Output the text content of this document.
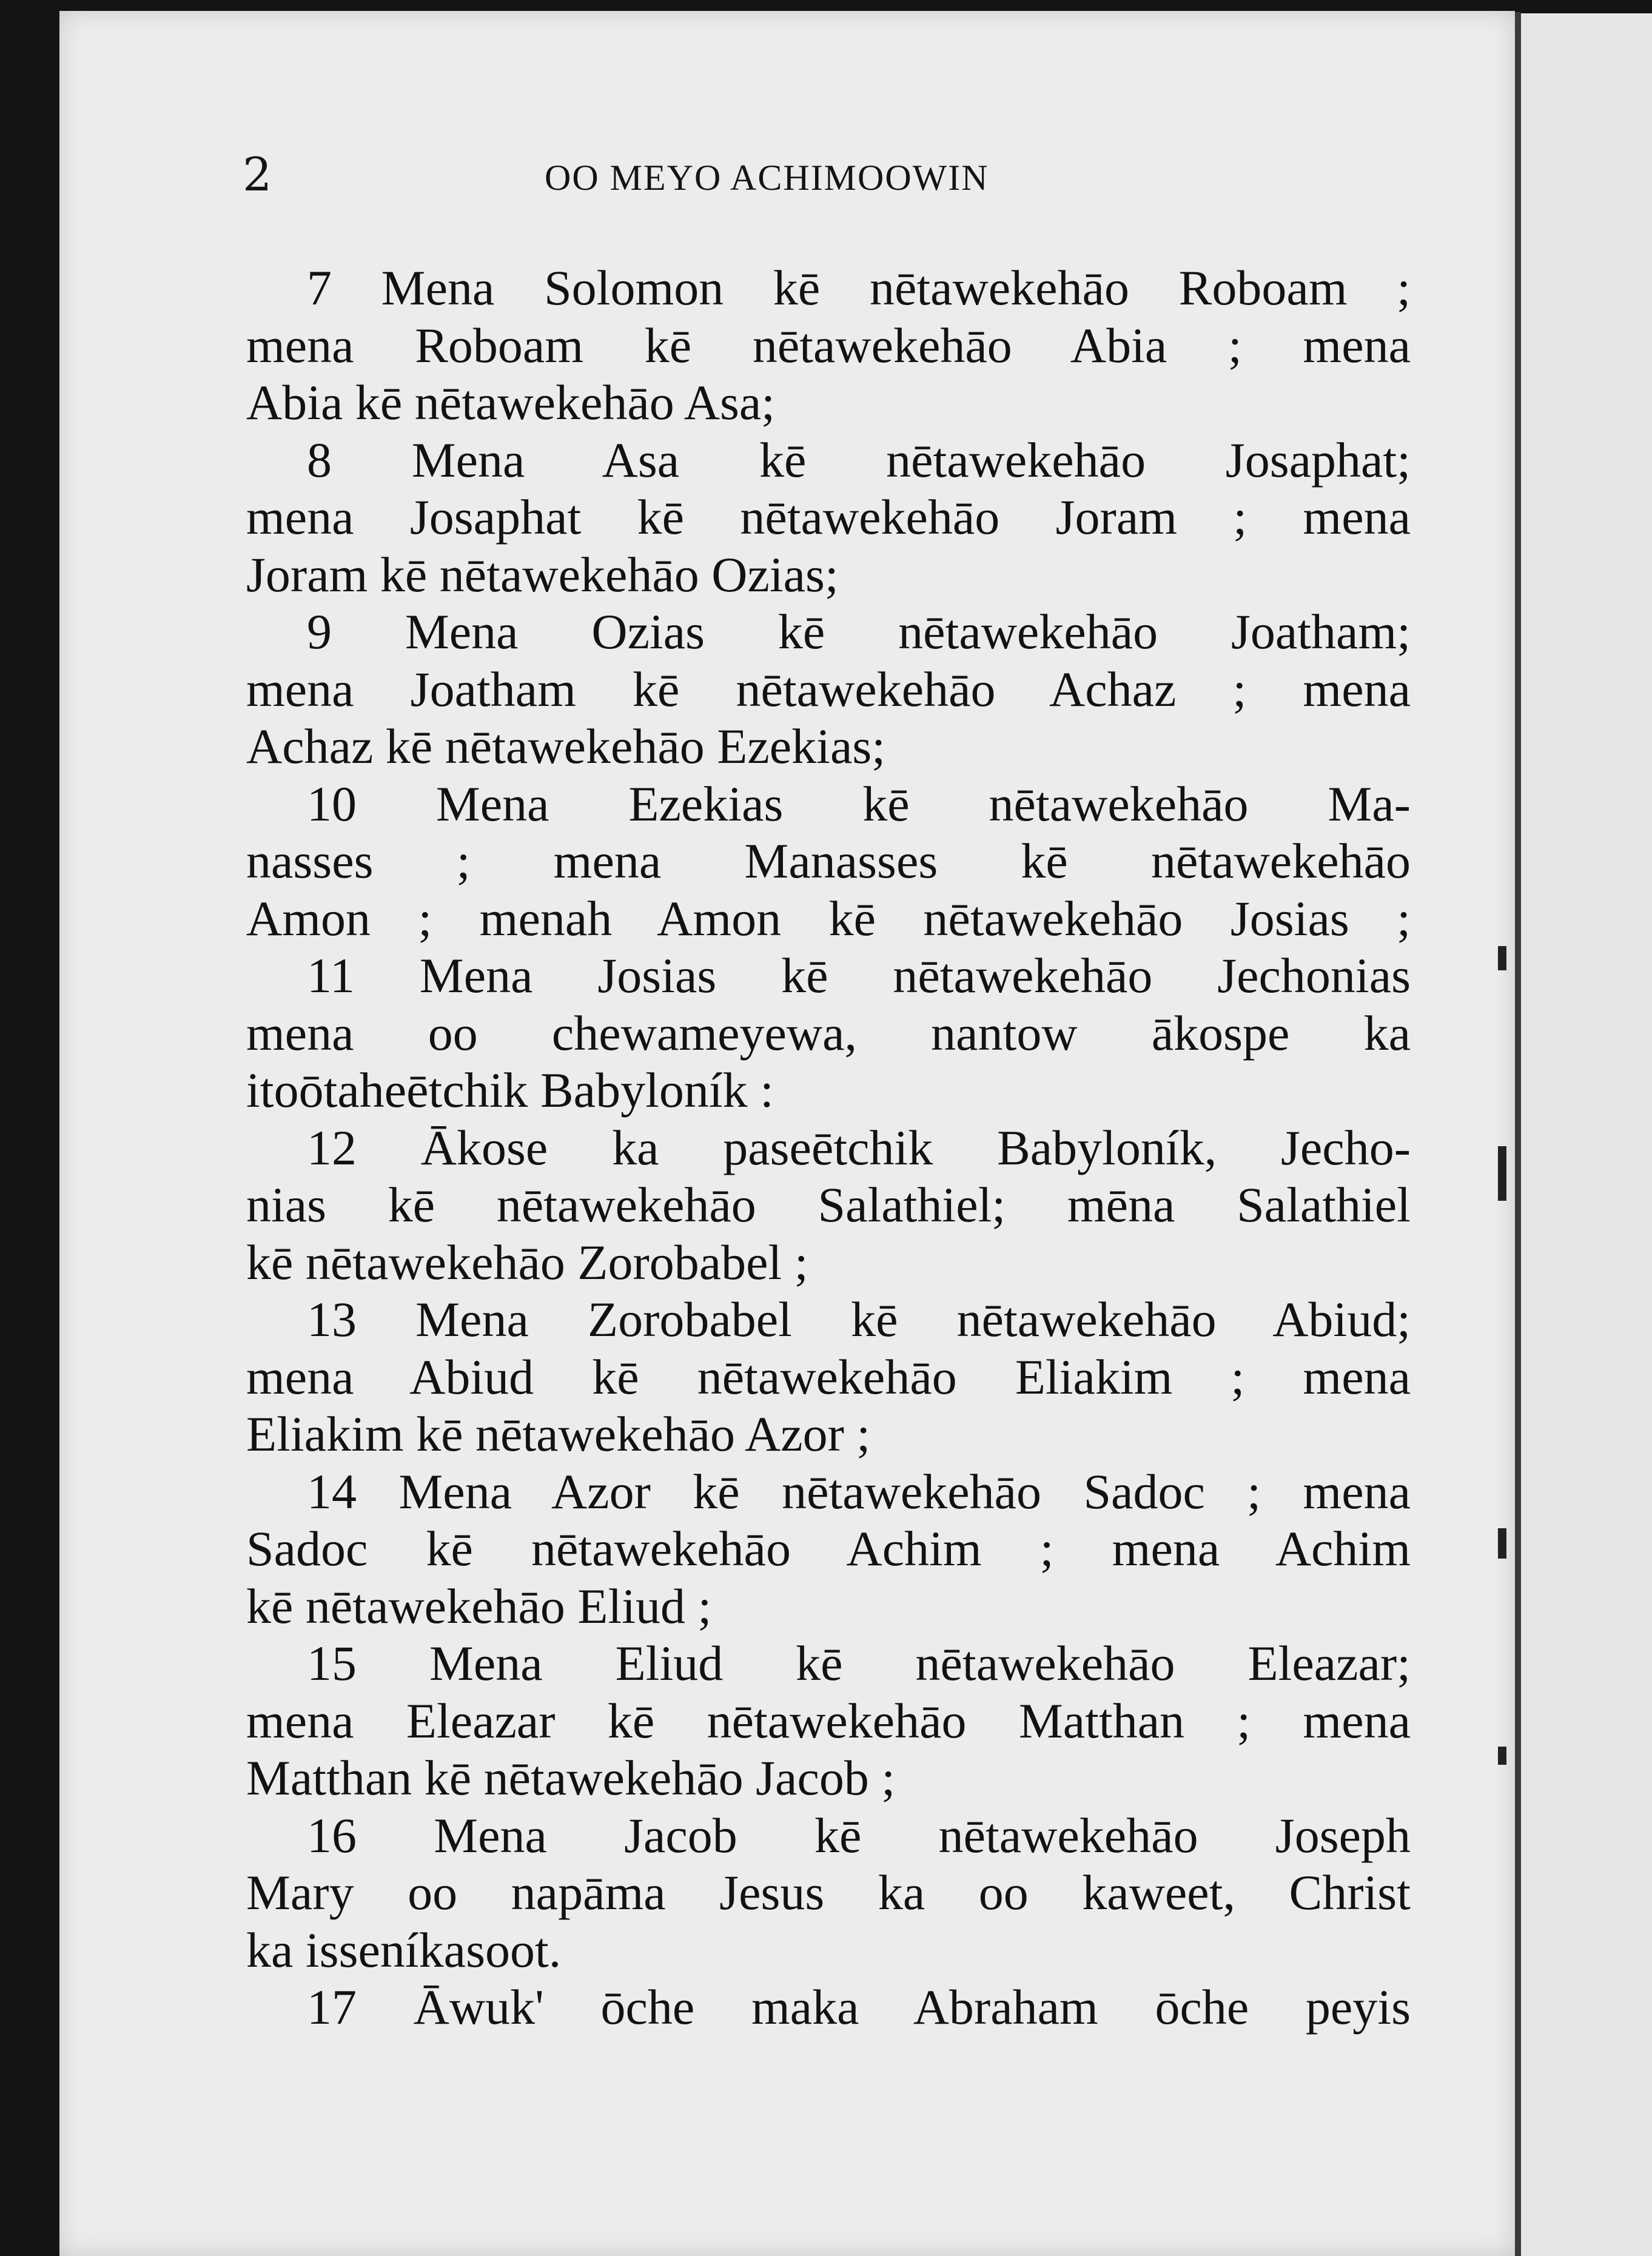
2	OO MEYO ACHIMOOWIN
7 Mena Solomon kē nētawekehāo Roboam ;
mena Roboam kē nētawekehāo Abia ; mena
Abia kē nētawekehāo Asa;
8 Mena Asa kē nētawekehāo Josaphat;
mena Josaphat kē nētawekehāo Joram ; mena
Joram kē nētawekehāo Ozias;
9 Mena Ozias kē nētawekehāo Joatham;
mena Joatham kē nētawekehāo Achaz ; mena
Achaz kē nētawekehāo Ezekias;
10 Mena Ezekias kē nētawekehāo Ma-
nasses ; mena Manasses kē nētawekehāo
Amon ; menah Amon kē nētawekehāo Josias ;
11 Mena Josias kē nētawekehāo Jechonias
mena oo chewameyewa, nantow ākospe ka
itoōtaheētchik Babyloník :
12 Ākose ka paseētchik Babyloník, Jecho-
nias kē nētawekehāo Salathiel; mēna Salathiel
kē nētawekehāo Zorobabel ;
13 Mena Zorobabel kē nētawekehāo Abiud;
mena Abiud kē nētawekehāo Eliakim ; mena
Eliakim kē nētawekehāo Azor ;
14 Mena Azor kē nētawekehāo Sadoc ; mena
Sadoc kē nētawekehāo Achim ; mena Achim
kē nētawekehāo Eliud ;
15 Mena Eliud kē nētawekehāo Eleazar;
mena Eleazar kē nētawekehāo Matthan ; mena
Matthan kē nētawekehāo Jacob ;
16 Mena Jacob kē nētawekehāo Joseph
Mary oo napāma Jesus ka oo kaweet, Christ
ka isseníkasoot.
17 Āwuk' ōche maka Abraham ōche peyis
